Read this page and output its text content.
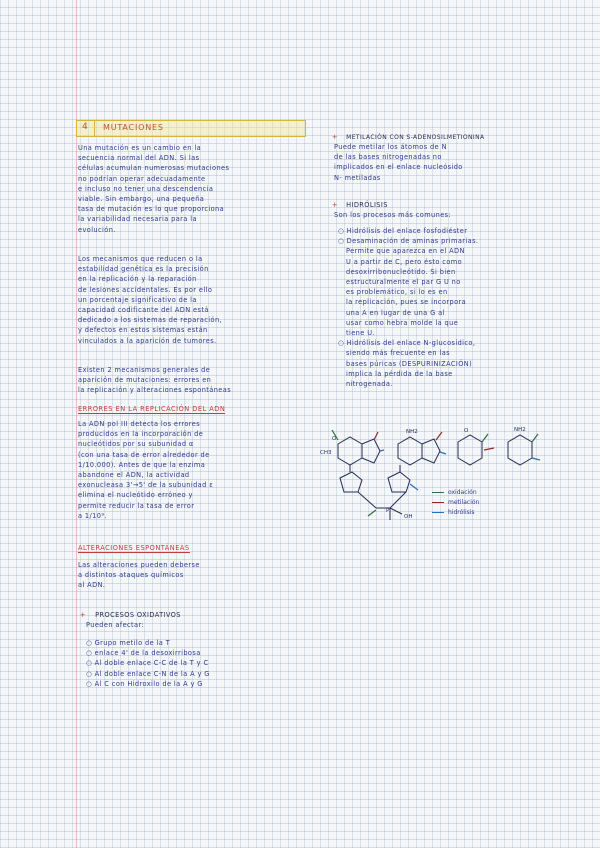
4 MUTACIONES
Una mutación es un cambio en la
secuencia normal del ADN. Si las
células acumulan numerosas mutaciones
no podrían operar adecuadamente
e incluso no tener una descendencia
viable. Sin embargo, una pequeña
tasa de mutación es lo que proporciona
la variabilidad necesaria para la
evolución.
Los mecanismos que reducen o la
estabilidad genética es la precisión
en la replicación y la reparación
de lesiones accidentales. Es por ello
un porcentaje significativo de la
capacidad codificante del ADN está
dedicado a los sistemas de reparación,
y defectos en estos sistemas están
vinculados a la aparición de tumores.
Existen 2 mecanismos generales de
aparición de mutaciones: errores en
la replicación y alteraciones espontáneas
ERRORES EN LA REPLICACIÓN DEL ADN
La ADN pol III detecta los errores
producidos en la incorporación de
nucleótidos por su subunidad α
(con una tasa de error alrededor de
1/10.000). Antes de que la enzima
abandone el ADN, la actividad
exonucleasa 3'→5' de la subunidad ε
elimina el nucleótido erróneo y
permite reducir la tasa de error
a 1/10⁹.
ALTERACIONES ESPONTÁNEAS
Las alteraciones pueden deberse
a distintos ataques químicos
al ADN.
+ PROCESOS OXIDATIVOS
Pueden afectar:
○ Grupo metilo de la T
○ enlace 4' de la desoxirribosa
○ Al doble enlace C-C de la T y C
○ Al doble enlace C-N de la A y G
○ Al C con Hidroxilo de la A y G
+ METILACIÓN CON S-ADENOSILMETIONINA
Puede metilar los átomos de N
de las bases nitrogenadas no
implicados en el enlace nucleósido
N- metiladas
+ HIDRÓLISIS
Son los procesos más comunes:
○ Hidrólisis del enlace fosfodiéster
○ Desaminación de aminas primarias.
Permite que aparezca en el ADN
U a partir de C, pero ésto como
desoxirribonucleótido. Si bien
estructuralmente el par G U no
es problemático, si lo es en
la replicación, pues se incorpora
una A en lugar de una G al
usar como hebra molde la que
tiene U.
○ Hidrólisis del enlace N-glucosídico,
siendo más frecuente en las
bases púricas (DESPURINIZACIÓN)
implica la pérdida de la base
nitrogenada.
NH2	NH2
O
O
P
OH
CH3
oxidación
metilación
hidrólisis
